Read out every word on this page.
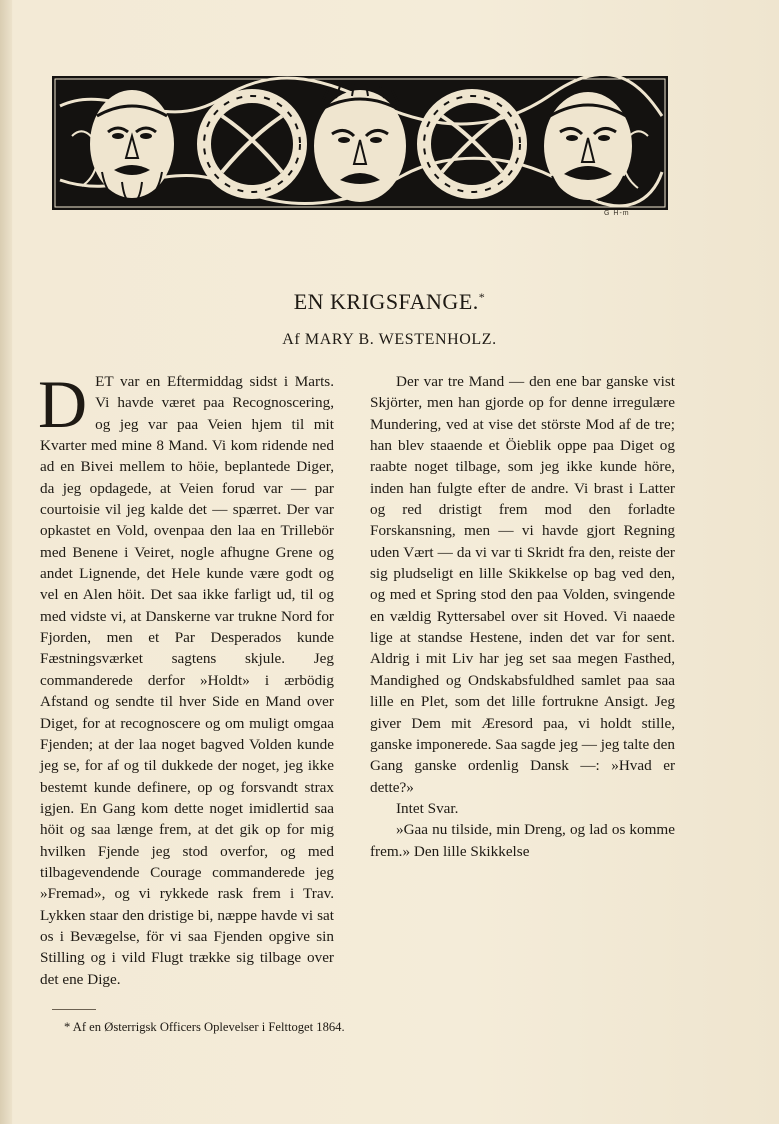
G H-m
EN KRIGSFANGE.*
Af MARY B. WESTENHOLZ.

DET var en Eftermiddag sidst i Marts. Vi havde været paa Recognoscering, og jeg var paa Veien hjem til mit Kvarter med mine 8 Mand. Vi kom ridende ned ad en Bivei mellem to höie, beplantede Diger, da jeg opdagede, at Veien forud var — par courtoisie vil jeg kalde det — spærret. Der var opkastet en Vold, ovenpaa den laa en Trillebör med Benene i Veiret, nogle afhugne Grene og andet Lignende, det Hele kunde være godt og vel en Alen höit. Det saa ikke farligt ud, til og med vidste vi, at Danskerne var trukne Nord for Fjorden, men et Par Desperados kunde Fæstningsværket sagtens skjule. Jeg commanderede derfor »Holdt» i ærbödig Afstand og sendte til hver Side en Mand over Diget, for at recognoscere og om muligt omgaa Fjenden; at der laa noget bagved Volden kunde jeg se, for af og til dukkede der noget, jeg ikke bestemt kunde definere, op og forsvandt strax igjen. En Gang kom dette noget imidlertid saa höit og saa længe frem, at det gik op for mig hvilken Fjende jeg stod overfor, og med tilbagevendende Courage commanderede jeg »Fremad», og vi rykkede rask frem i Trav. Lykken staar den dristige bi, næppe havde vi sat os i Bevægelse, för vi saa Fjenden opgive sin Stilling og i vild Flugt trække sig tilbage over det ene Dige.

Der var tre Mand — den ene bar ganske vist Skjörter, men han gjorde op for denne irregulære Mundering, ved at vise det störste Mod af de tre; han blev staaende et Öieblik oppe paa Diget og raabte noget tilbage, som jeg ikke kunde höre, inden han fulgte efter de andre. Vi brast i Latter og red dristigt frem mod den forladte Forskansning, men — vi havde gjort Regning uden Vært — da vi var ti Skridt fra den, reiste der sig pludseligt en lille Skikkelse op bag ved den, og med et Spring stod den paa Volden, svingende en vældig Ryttersabel over sit Hoved. Vi naaede lige at standse Hestene, inden det var for sent. Aldrig i mit Liv har jeg set saa megen Fasthed, Mandighed og Ondskabsfuldhed samlet paa saa lille en Plet, som det lille fortrukne Ansigt. Jeg giver Dem mit Æresord paa, vi holdt stille, ganske imponerede. Saa sagde jeg — jeg talte den Gang ganske ordenlig Dansk —: »Hvad er dette?»

Intet Svar.

»Gaa nu tilside, min Dreng, og lad os komme frem.» Den lille Skikkelse

* Af en Østerrigsk Officers Oplevelser i Felttoget 1864.
